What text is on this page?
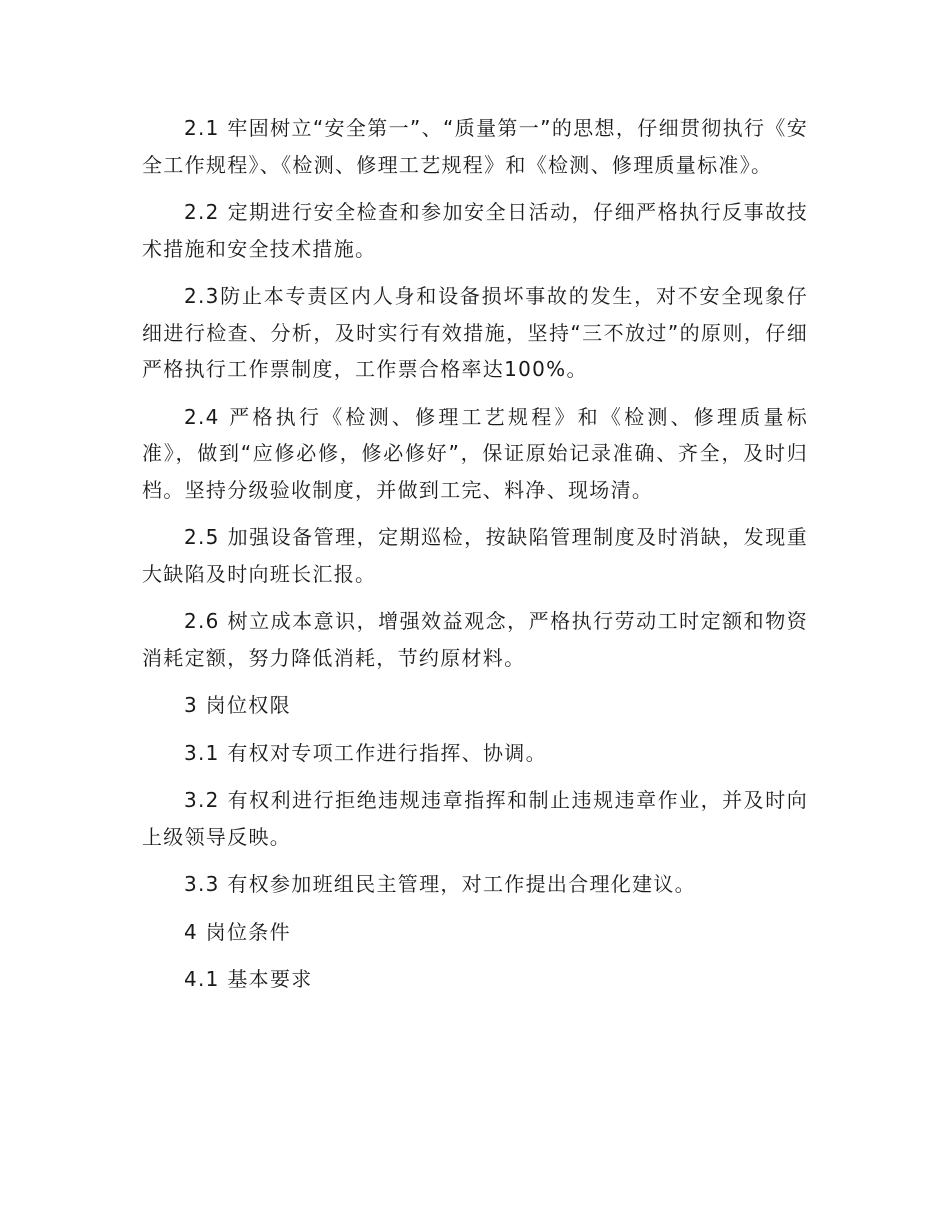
2.1 牢固树立“安全第一”、“质量第一”的思想，仔细贯彻执行《安全工作规程》、《检测、修理工艺规程》和《检测、修理质量标准》。

2.2 定期进行安全检查和参加安全日活动，仔细严格执行反事故技术措施和安全技术措施。

2.3防止本专责区内人身和设备损坏事故的发生，对不安全现象仔细进行检查、分析，及时实行有效措施，坚持“三不放过”的原则，仔细严格执行工作票制度，工作票合格率达100%。

2.4 严格执行《检测、修理工艺规程》和《检测、修理质量标准》，做到“应修必修，修必修好”，保证原始记录准确、齐全，及时归档。坚持分级验收制度，并做到工完、料净、现场清。

2.5 加强设备管理，定期巡检，按缺陷管理制度及时消缺，发现重大缺陷及时向班长汇报。

2.6 树立成本意识，增强效益观念，严格执行劳动工时定额和物资消耗定额，努力降低消耗，节约原材料。

3 岗位权限

3.1 有权对专项工作进行指挥、协调。

3.2 有权利进行拒绝违规违章指挥和制止违规违章作业，并及时向上级领导反映。

3.3 有权参加班组民主管理，对工作提出合理化建议。

4 岗位条件

4.1 基本要求
